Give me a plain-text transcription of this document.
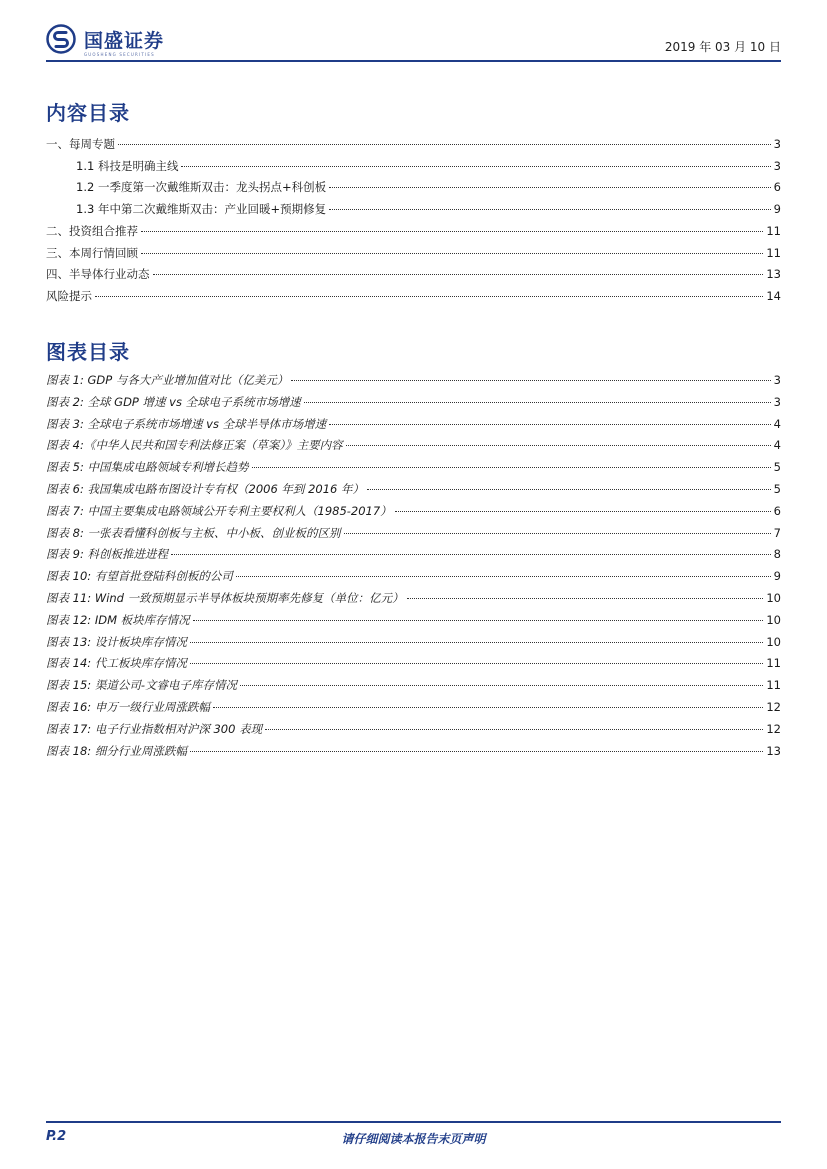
国盛证券
GUOSHENG SECURITIES
2019 年 03 月 10 日
内容目录
一、每周专题	3
1.1 科技是明确主线	3
1.2 一季度第一次戴维斯双击：龙头拐点+科创板	6
1.3 年中第二次戴维斯双击：产业回暖+预期修复	9
二、投资组合推荐	11
三、本周行情回顾	11
四、半导体行业动态	13
风险提示	14
图表目录
图表 1: GDP 与各大产业增加值对比（亿美元）	3
图表 2: 全球 GDP 增速 vs 全球电子系统市场增速	3
图表 3: 全球电子系统市场增速 vs 全球半导体市场增速	4
图表 4:《中华人民共和国专利法修正案（草案）》主要内容	4
图表 5: 中国集成电路领域专利增长趋势	5
图表 6: 我国集成电路布图设计专有权（2006 年到 2016 年）	5
图表 7: 中国主要集成电路领域公开专利主要权利人（1985-2017）	6
图表 8: 一张表看懂科创板与主板、中小板、创业板的区别	7
图表 9: 科创板推进进程	8
图表 10: 有望首批登陆科创板的公司	9
图表 11: Wind 一致预期显示半导体板块预期率先修复（单位：亿元）	10
图表 12: IDM 板块库存情况	10
图表 13: 设计板块库存情况	10
图表 14: 代工板块库存情况	11
图表 15: 渠道公司-文睿电子库存情况	11
图表 16: 申万一级行业周涨跌幅	12
图表 17: 电子行业指数相对沪深 300 表现	12
图表 18: 细分行业周涨跌幅	13
P.2	请仔细阅读本报告末页声明
